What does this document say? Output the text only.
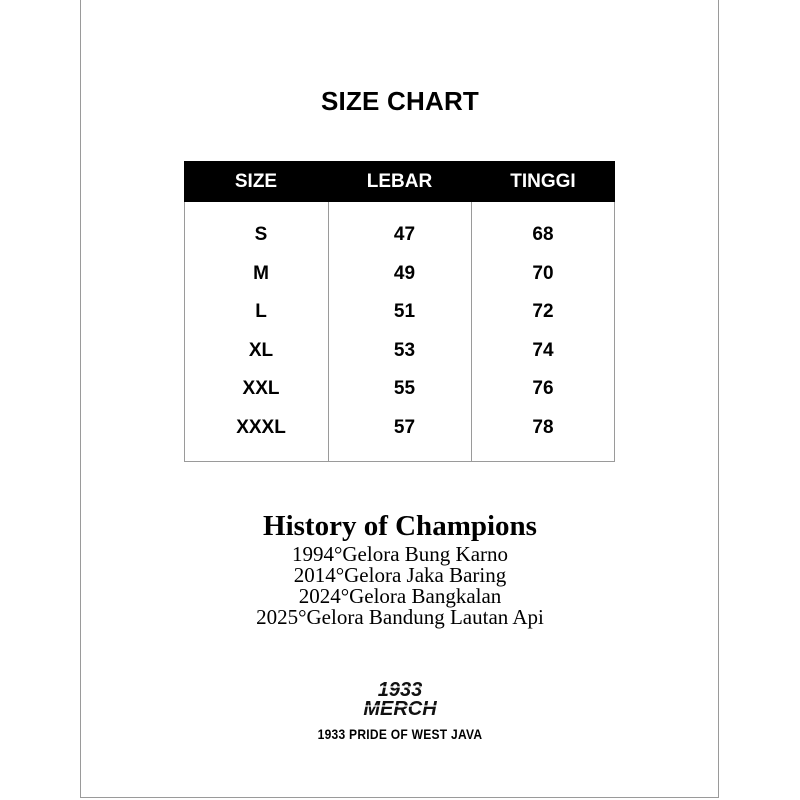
SIZE CHART
SIZE	LEBAR	TINGGI
S	47	68
M	49	70
L	51	72
XL	53	74
XXL	55	76
XXXL	57	78
History of Champions
1994°Gelora Bung Karno
2014°Gelora Jaka Baring
2024°Gelora Bangkalan
2025°Gelora Bandung Lautan Api
1933
MERCH
1933 PRIDE OF WEST JAVA
